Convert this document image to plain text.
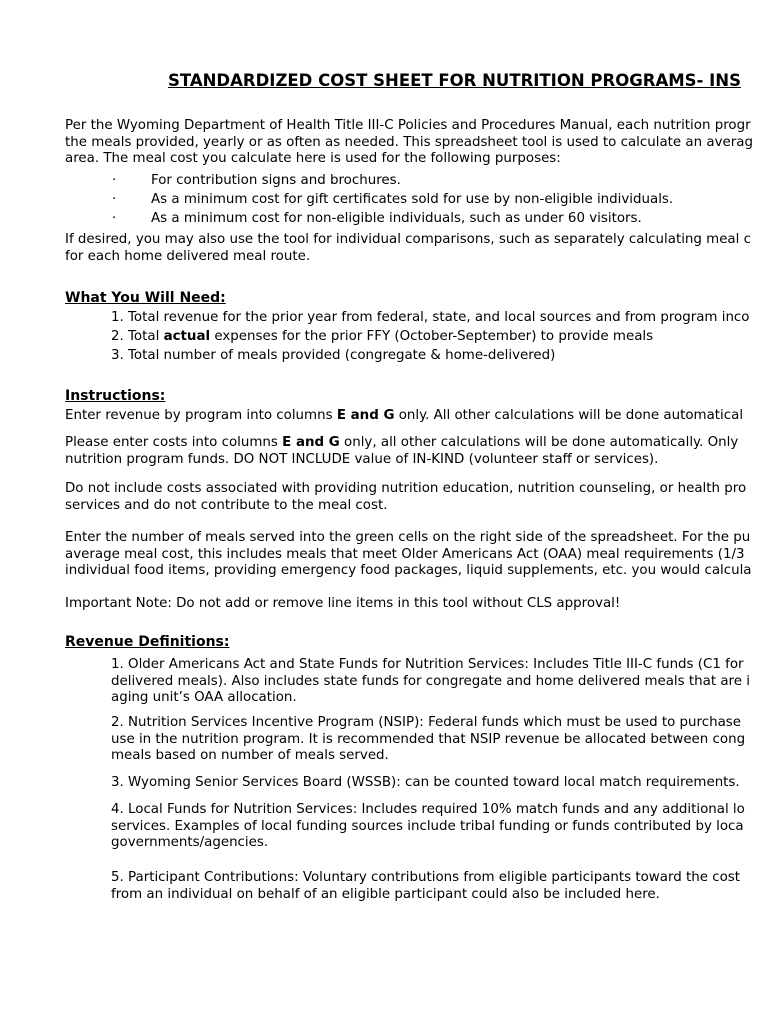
STANDARDIZED COST SHEET FOR NUTRITION PROGRAMS- INS
Per the Wyoming Department of Health Title III-C Policies and Procedures Manual, each nutrition progr
the meals provided, yearly or as often as needed. This spreadsheet tool is used to calculate an averag
area. The meal cost you calculate here is used for the following purposes:
·	For contribution signs and brochures.
·	As a minimum cost for gift certificates sold for use by non-eligible individuals.
·	As a minimum cost for non-eligible individuals, such as under 60 visitors.
If desired, you may also use the tool for individual comparisons, such as separately calculating meal c
for each home delivered meal route.
What You Will Need:
1. Total revenue for the prior year from federal, state, and local sources and from program inco
2. Total actual expenses for the prior FFY (October-September) to provide meals
3. Total number of meals provided (congregate & home-delivered)
Instructions:
Enter revenue by program into columns E and G only. All other calculations will be done automatical
Please enter costs into columns E and G only, all other calculations will be done automatically. Only
nutrition program funds. DO NOT INCLUDE value of IN-KIND (volunteer staff or services).
Do not include costs associated with providing nutrition education, nutrition counseling, or health pro
services and do not contribute to the meal cost.
Enter the number of meals served into the green cells on the right side of the spreadsheet. For the pu
average meal cost, this includes meals that meet Older Americans Act (OAA) meal requirements (1/3
individual food items, providing emergency food packages, liquid supplements, etc. you would calcula
Important Note: Do not add or remove line items in this tool without CLS approval!
Revenue Definitions:
1. Older Americans Act and State Funds for Nutrition Services: Includes Title III-C funds (C1 for
delivered meals). Also includes state funds for congregate and home delivered meals that are i
aging unit’s OAA allocation.
2. Nutrition Services Incentive Program (NSIP): Federal funds which must be used to purchase
use in the nutrition program. It is recommended that NSIP revenue be allocated between cong
meals based on number of meals served.
3. Wyoming Senior Services Board (WSSB): can be counted toward local match requirements.
4. Local Funds for Nutrition Services: Includes required 10% match funds and any additional lo
services. Examples of local funding sources include tribal funding or funds contributed by loca
governments/agencies.
5. Participant Contributions: Voluntary contributions from eligible participants toward the cost
from an individual on behalf of an eligible participant could also be included here.
